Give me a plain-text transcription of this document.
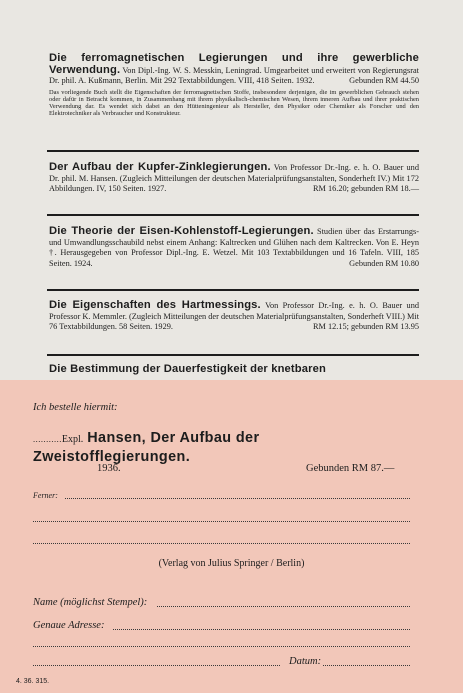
Die ferromagnetischen Legierungen und ihre gewerbliche Verwendung. Von Dipl.-Ing. W. S. Messkin, Leningrad. Umgearbeitet und erweitert von Regierungsrat Dr. phil. A. Kußmann, Berlin. Mit 292 Textabbildungen. VIII, 418 Seiten. 1932.	Gebunden RM 44.50
Das vorliegende Buch stellt die Eigenschaften der ferromagnetischen Stoffe, insbesondere derjenigen, die im gewerblichen Gebrauch stehen oder dafür in Betracht kommen, in Zusammenhang mit ihrem physikalisch-chemischen Wesen, ihrem inneren Aufbau und ihrer praktischen Verwendung dar. Es wendet sich dabei an den Hütteningenieur als Hersteller, den Physiker oder Chemiker als Forscher und den Elektrotechniker als Verbraucher und Konstrukteur.
Der Aufbau der Kupfer-Zinklegierungen. Von Professor Dr.-Ing. e. h. O. Bauer und Dr. phil. M. Hansen. (Zugleich Mitteilungen der deutschen Materialprüfungsanstalten, Sonderheft IV.) Mit 172 Abbildungen. IV, 150 Seiten. 1927.	RM 16.20; gebunden RM 18.—
Die Theorie der Eisen-Kohlenstoff-Legierungen. Studien über das Erstarrungs- und Umwandlungsschaubild nebst einem Anhang: Kaltrecken und Glühen nach dem Kaltrecken. Von E. Heyn †. Herausgegeben von Professor Dipl.-Ing. E. Wetzel. Mit 103 Textabbildungen und 16 Tafeln. VIII, 185 Seiten. 1924.	Gebunden RM 10.80
Die Eigenschaften des Hartmessings. Von Professor Dr.-Ing. e. h. O. Bauer und Professor K. Memmler. (Zugleich Mitteilungen der deutschen Materialprüfungsanstalten, Sonderheft VIII.) Mit 76 Textabbildungen. 58 Seiten. 1929.	RM 12.15; gebunden RM 13.95
Die Bestimmung der Dauerfestigkeit der knetbaren
Ich bestelle hiermit:
...........Expl. Hansen, Der Aufbau der Zweistofflegierungen.
1936.	Gebunden RM 87.—
Ferner:
(Verlag von Julius Springer / Berlin)
Name (möglichst Stempel):
Genaue Adresse:
Datum:
4. 36. 315.
